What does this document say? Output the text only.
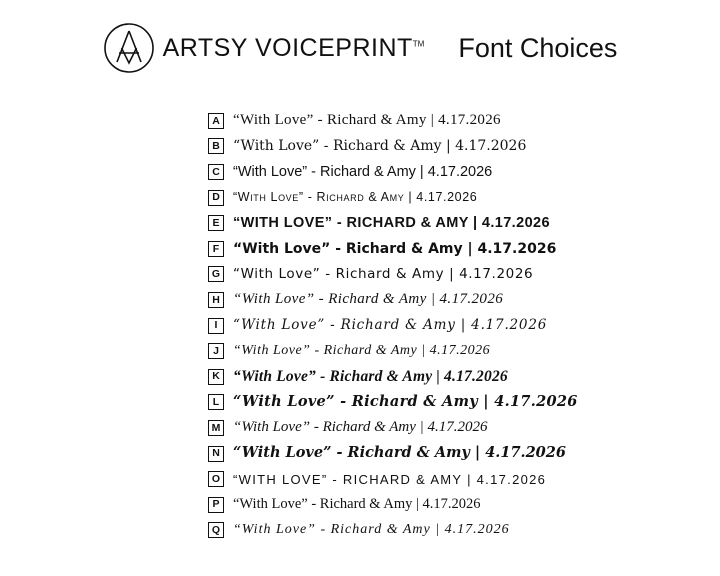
ARTSY VOICEPRINT™ Font Choices
A “With Love” - Richard & Amy | 4.17.2026
B “With Love” - Richard & Amy | 4.17.2026
C “With Love” - Richard & Amy | 4.17.2026
D	“With Love” - Richard & Amy | 4.17.2026
E “WITH LOVE” - RICHARD & AMY | 4.17.2026
F “With Love” - Richard & Amy | 4.17.2026
G “With Love” - Richard & Amy | 4.17.2026
H “With Love” - Richard & Amy | 4.17.2026
I	“With Love” - Richard & Amy | 4.17.2026
J	“With Love” - Richard & Amy | 4.17.2026
K “With Love” - Richard & Amy | 4.17.2026
L “With Love” - Richard & Amy | 4.17.2026
M “With Love” - Richard & Amy | 4.17.2026
N “With Love” - Richard & Amy | 4.17.2026
O “WITH LOVE” - RICHARD & AMY | 4.17.2026
P “With Love” - Richard & Amy | 4.17.2026
Q “With Love” - Richard & Amy | 4.17.2026
